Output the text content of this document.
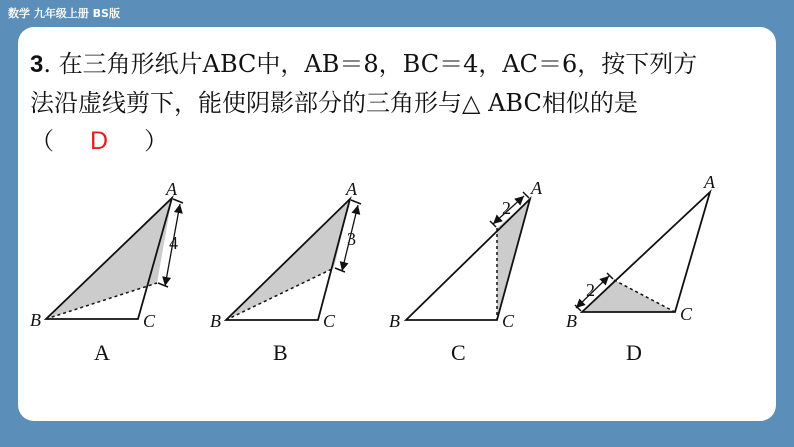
数学 九年级上册 BS版
3. 在三角形纸片ABC中，AB＝8，BC＝4，AC＝6，按下列方
法沿虚线剪下，能使阴影部分的三角形与△ ABC相似的是
（ D ）
4
A
B	C
A
3
A
B	C
B
2
A
B	C
C
2
A
B	C
D
